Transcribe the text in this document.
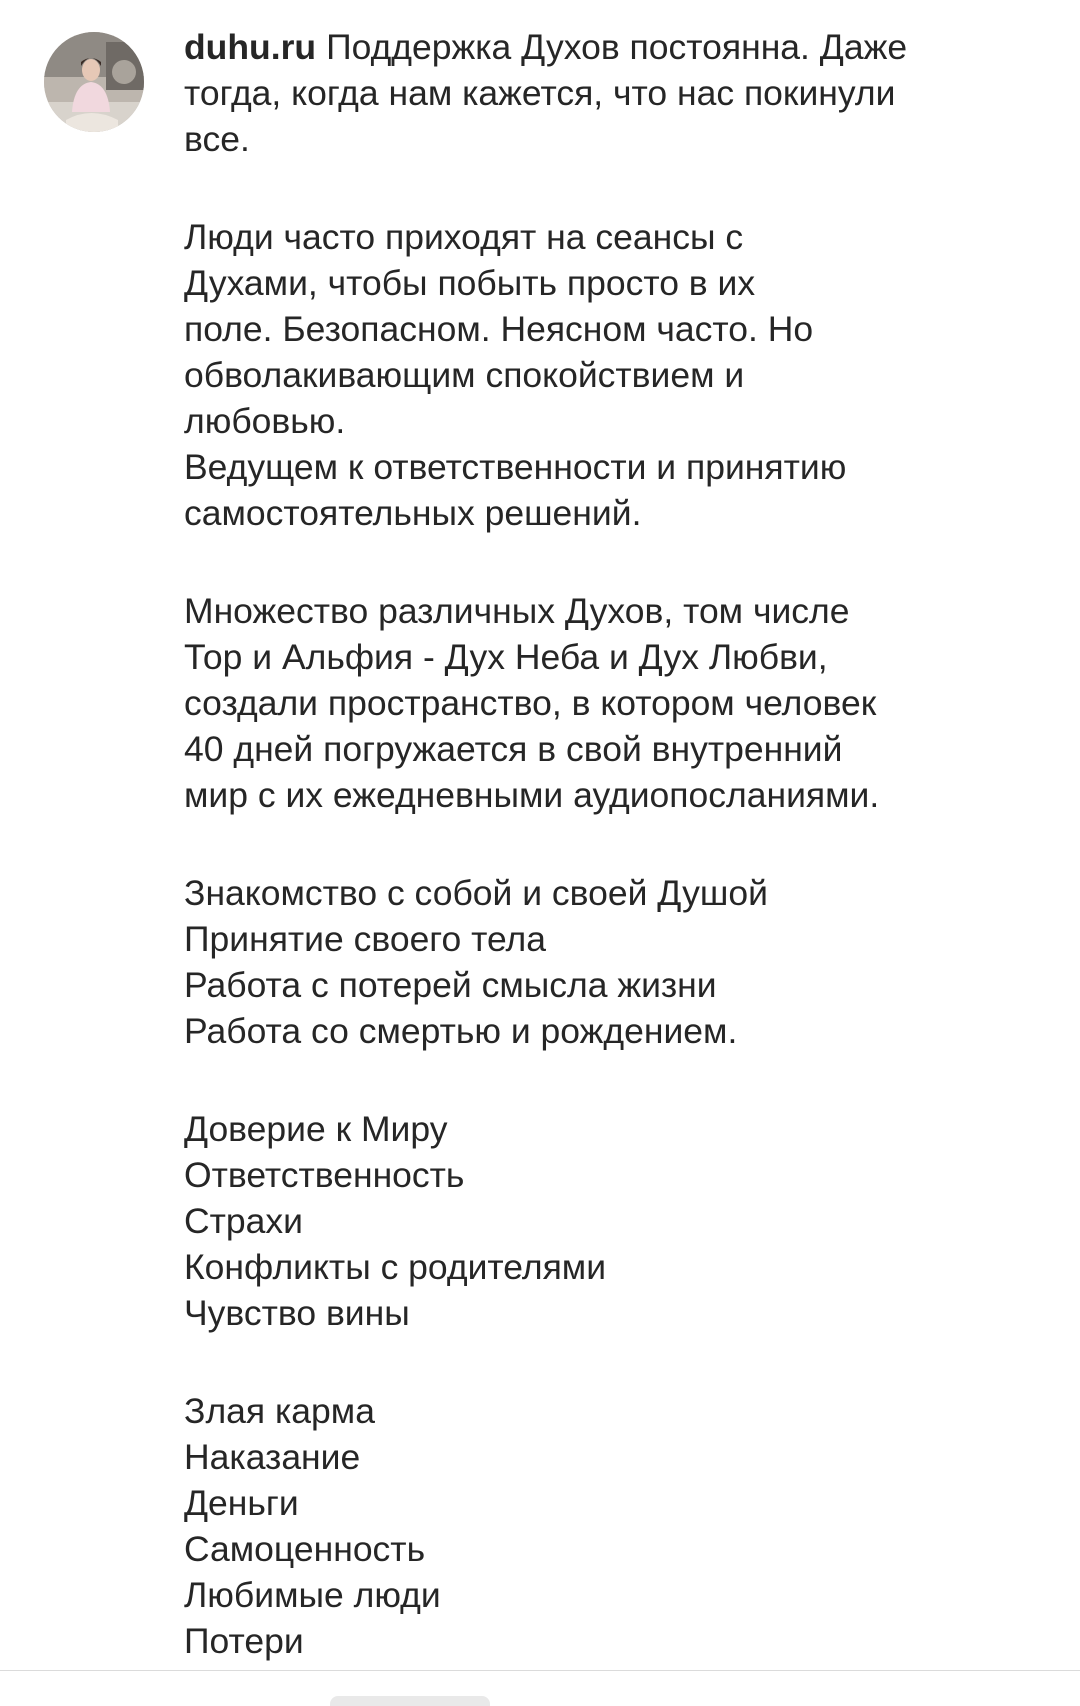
duhu.ru Поддержка Духов постоянна. Даже
тогда, когда нам кажется, что нас покинули
все.
Люди часто приходят на сеансы с
Духами, чтобы побыть просто в их
поле. Безопасном. Неясном часто. Но
обволакивающим спокойствием и
любовью.
Ведущем к ответственности и принятию
самостоятельных решений.
Множество различных Духов, том числе
Тор и Альфия - Дух Неба и Дух Любви,
создали пространство, в котором человек
40 дней погружается в свой внутренний
мир с их ежедневными аудиопосланиями.
Знакомство с собой и своей Душой
Принятие своего тела
Работа с потерей смысла жизни
Работа со смертью и рождением.
Доверие к Миру
Ответственность
Страхи
Конфликты с родителями
Чувство вины
Злая карма
Наказание
Деньги
Самоценность
Любимые люди
Потери
